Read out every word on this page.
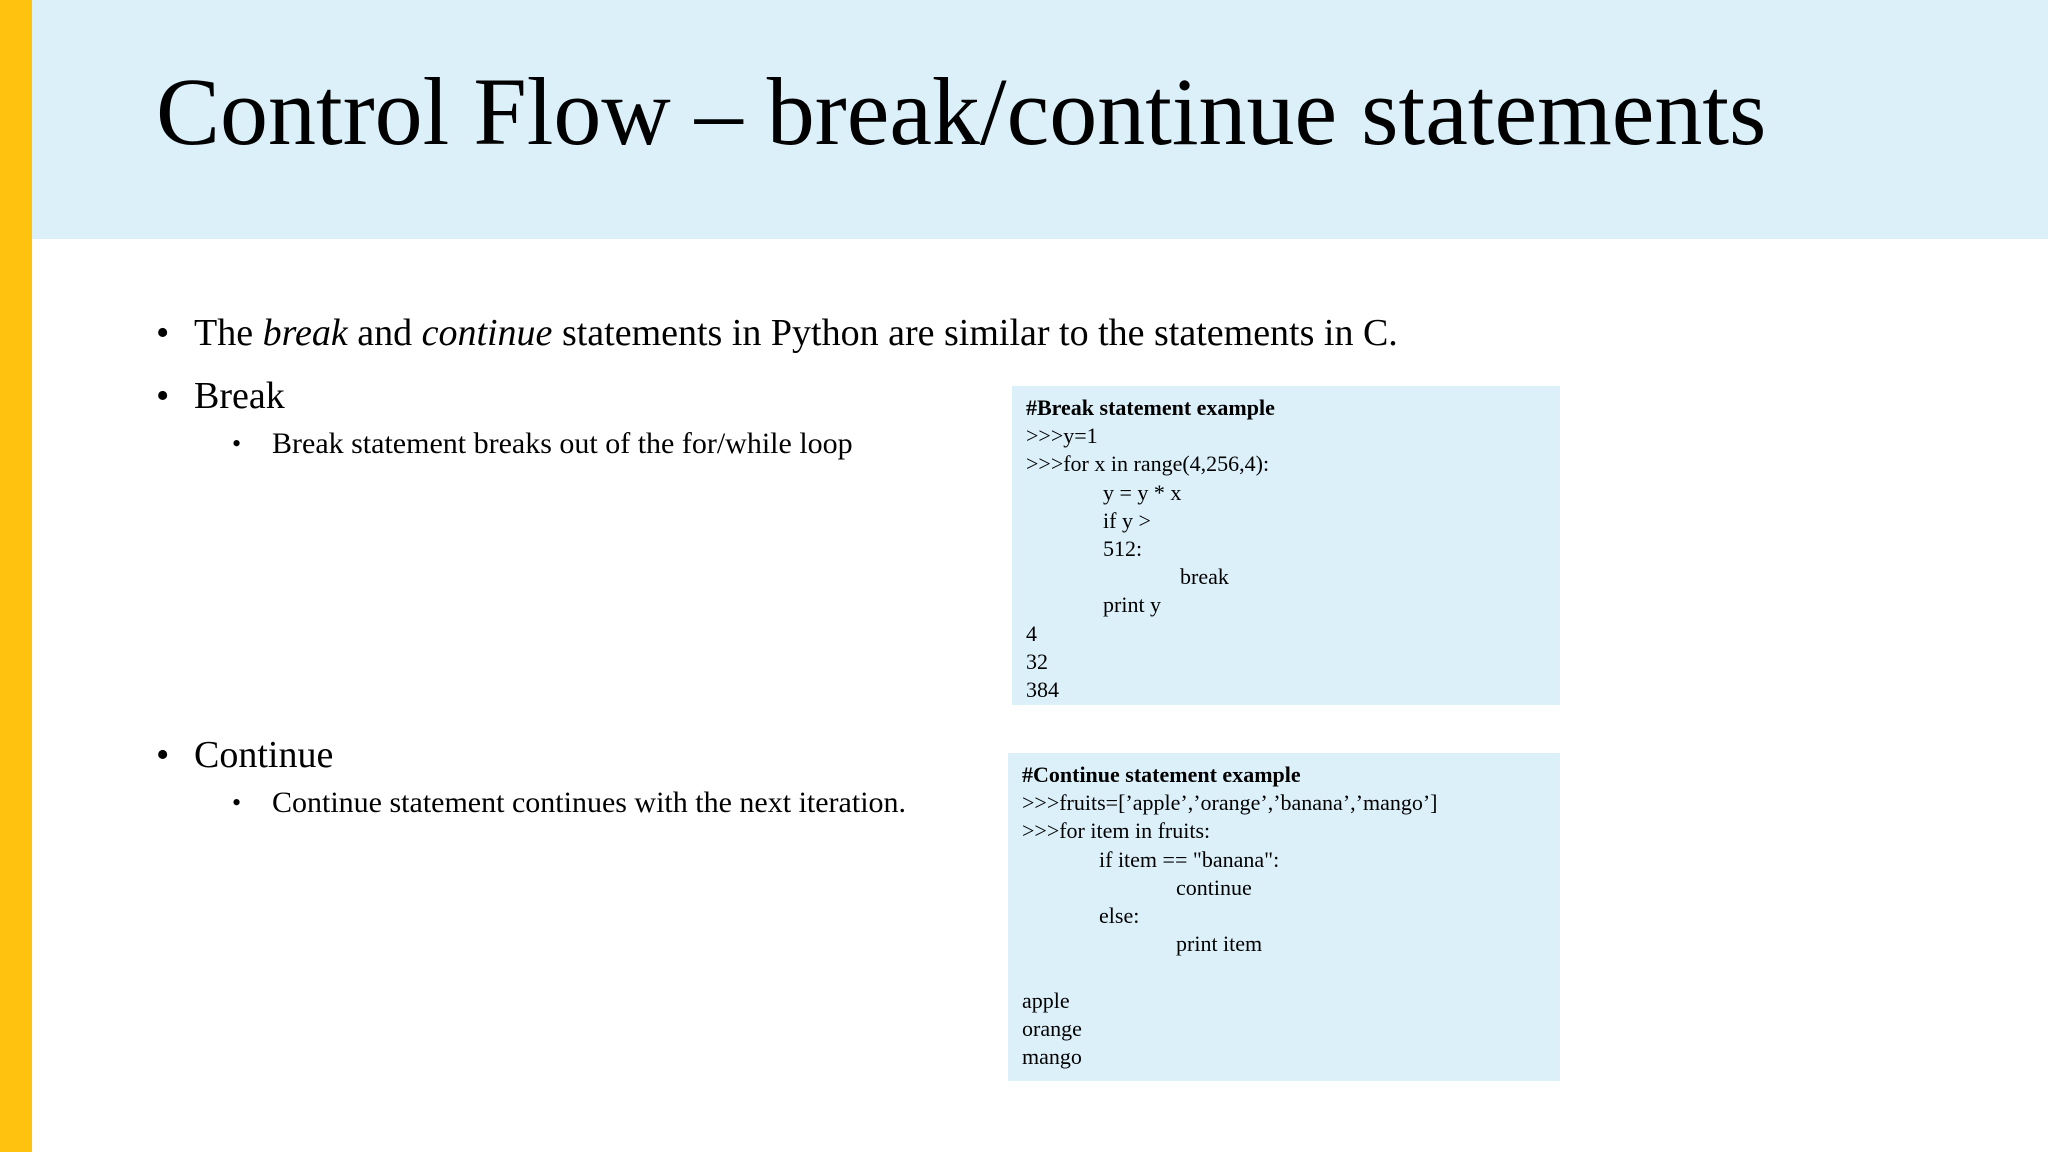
Control Flow – break/continue statements
• The break and continue statements in Python are similar to the statements in C.
• Break
• Break statement breaks out of the for/while loop
• Continue
• Continue statement continues with the next iteration.
#Break statement example
>>>y=1
>>>for x in range(4,256,4):
y = y * x
if y >
512:
break
print y
4
32
384
#Continue statement example
>>>fruits=[’apple’,’orange’,’banana’,’mango’]
>>>for item in fruits:
if item == "banana":
continue
else:
print item
apple
orange
mango
